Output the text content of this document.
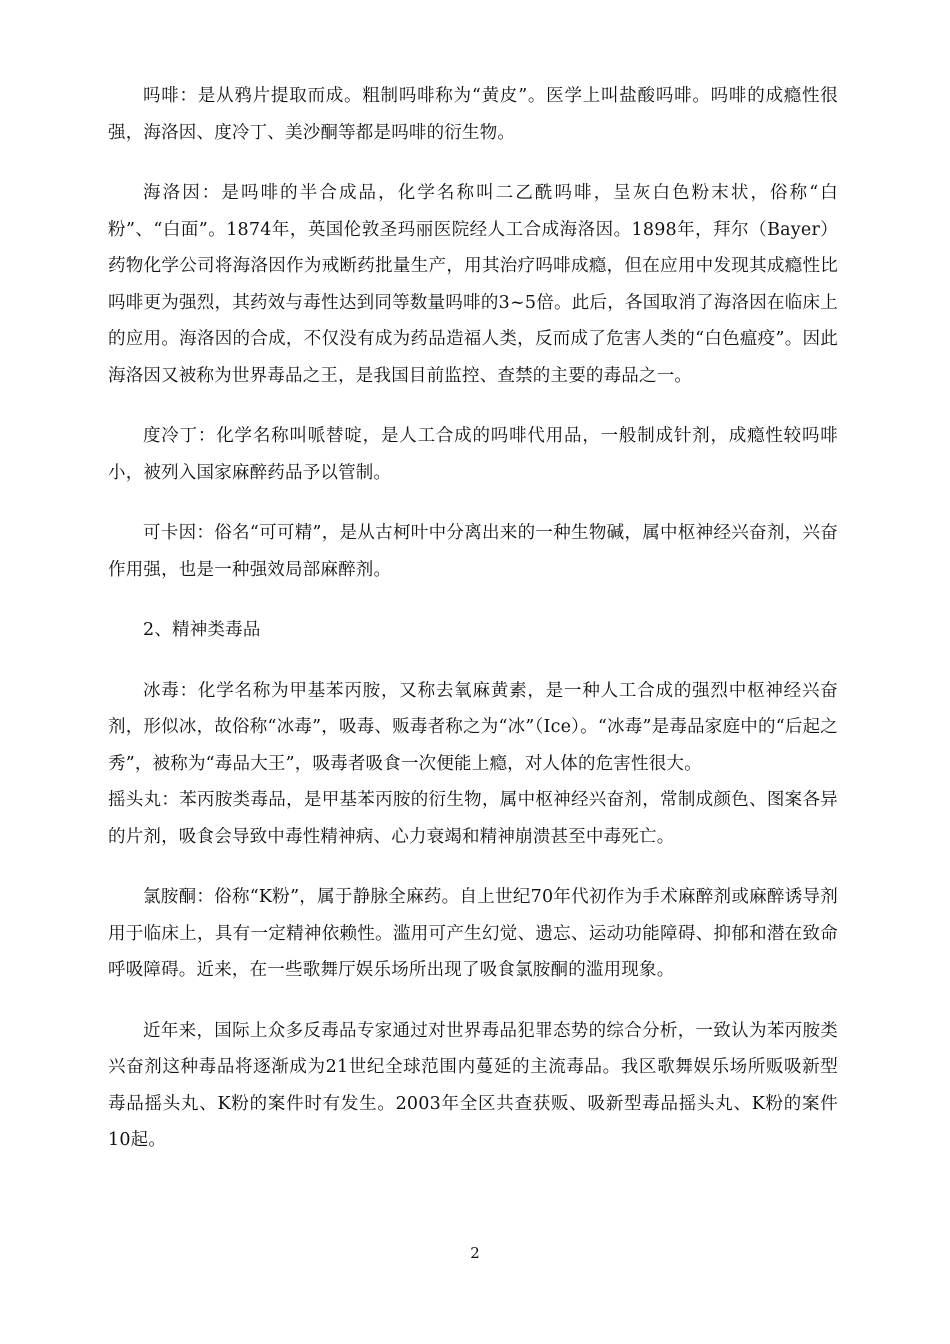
吗啡：是从鸦片提取而成。粗制吗啡称为“黄皮”。医学上叫盐酸吗啡。吗啡的成瘾性很强，海洛因、度冷丁、美沙酮等都是吗啡的衍生物。

海洛因：是吗啡的半合成品，化学名称叫二乙酰吗啡，呈灰白色粉末状，俗称“白粉”、“白面”。1874年，英国伦敦圣玛丽医院经人工合成海洛因。1898年，拜尔（Bayer）药物化学公司将海洛因作为戒断药批量生产，用其治疗吗啡成瘾，但在应用中发现其成瘾性比吗啡更为强烈，其药效与毒性达到同等数量吗啡的3~5倍。此后，各国取消了海洛因在临床上的应用。海洛因的合成，不仅没有成为药品造福人类，反而成了危害人类的“白色瘟疫”。因此海洛因又被称为世界毒品之王，是我国目前监控、查禁的主要的毒品之一。

度冷丁：化学名称叫哌替啶，是人工合成的吗啡代用品，一般制成针剂，成瘾性较吗啡小，被列入国家麻醉药品予以管制。

可卡因：俗名“可可精”，是从古柯叶中分离出来的一种生物碱，属中枢神经兴奋剂，兴奋作用强，也是一种强效局部麻醉剂。

2、精神类毒品

冰毒：化学名称为甲基苯丙胺，又称去氧麻黄素，是一种人工合成的强烈中枢神经兴奋剂，形似冰，故俗称“冰毒”，吸毒、贩毒者称之为“冰”（Ice）。“冰毒”是毒品家庭中的“后起之秀”，被称为“毒品大王”，吸毒者吸食一次便能上瘾，对人体的危害性很大。

摇头丸：苯丙胺类毒品，是甲基苯丙胺的衍生物，属中枢神经兴奋剂，常制成颜色、图案各异的片剂，吸食会导致中毒性精神病、心力衰竭和精神崩溃甚至中毒死亡。

氯胺酮：俗称“K粉”，属于静脉全麻药。自上世纪70年代初作为手术麻醉剂或麻醉诱导剂用于临床上，具有一定精神依赖性。滥用可产生幻觉、遗忘、运动功能障碍、抑郁和潜在致命呼吸障碍。近来，在一些歌舞厅娱乐场所出现了吸食氯胺酮的滥用现象。

近年来，国际上众多反毒品专家通过对世界毒品犯罪态势的综合分析，一致认为苯丙胺类兴奋剂这种毒品将逐渐成为21世纪全球范围内蔓延的主流毒品。我区歌舞娱乐场所贩吸新型毒品摇头丸、K粉的案件时有发生。2003年全区共查获贩、吸新型毒品摇头丸、K粉的案件10起。

2
